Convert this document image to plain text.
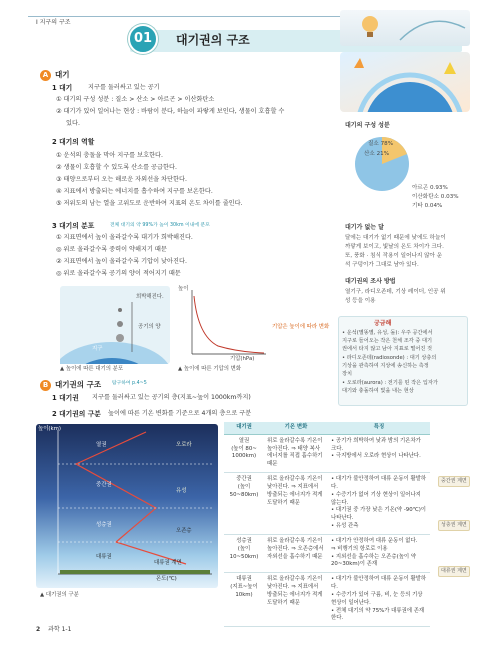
Ⅰ 지구의 구조
01	대기권의 구조
A 대기
1 대기	지구를 둘러싸고 있는 공기
① 대기의 구성 성분 : 질소 > 산소 > 아르곤 > 이산화탄소
② 대기가 있어 일어나는 현상 : 바람이 분다, 하늘이 파랗게 보인다, 생물이 호흡할 수
있다.
2 대기의 역할
① 운석의 충돌을 막아 지구를 보호한다.
② 생물이 호흡할 수 있도록 산소를 공급한다.
③ 태양으로부터 오는 해로운 자외선을 차단한다.
④ 지표에서 방출되는 에너지를 흡수하여 지구를 보온한다.
⑤ 저위도의 남는 열을 고위도로 운반하여 지표의 온도 차이를 줄인다.
3 대기의 분포	전체 대기의 약 99%가 높이 30km 이내에 분포
① 지표면에서 높이 올라갈수록 대기가 희박해진다.
◎ 위로 올라갈수록 중력이 약해지기 때문
② 지표면에서 높이 올라갈수록 기압이 낮아진다.
◎ 위로 올라갈수록 공기의 양이 적어지기 때문
희박해진다.
공기의 양
지구
▲ 높이에 따른 대기의 분포
높이
기압(hPa)
기압은 높이에 따라 변화
▲ 높이에 따른 기압의 변화
대기의 구성 성분
질소 78%
산소 21%
아르곤 0.93%
이산화탄소 0.03%
기타 0.04%
대기가 없는 달
달에는 대기가 없기 때문에 낮에도 하늘이
까맣게 보이고, 빛날의 온도 차이가 크다.
또, 풍화 · 침식 작용이 일어나지 않아 운
석 구덩이가 그대로 남아 있다.
대기권의 조사 방법
열기구, 라디오존데, 기상 레이더, 인공 위
성 등을 이용
궁금해
• 운석(별똥별, 유성, 돌): 우주 공간에서
지구로 들어오는 작은 천체 조각 중 대기
권에서 타지 않고 남아 지표로 떨어진 것
• 라디오존데(radiosonde) : 대기 상층의
기상을 관측하여 지상에 송신하는 측정
장치
• 오로라(aurora) : 전기를 띤 작은 입자가
대기와 충돌하여 빛을 내는 현상
B 대기권의 구조 탐구하여 p.4~5
1 대기권 지구를 둘러싸고 있는 공기의 층(지표~높이 1000km까지)
2 대기권의 구분 높이에 따른 기온 변화를 기준으로 4개의 층으로 구분
높이(km)
열권
중간권
성층권
대류권
오로라
유성
오존층
대류권 계면
온도(℃)
▲ 대기권의 구분
대기권	기온 변화	특징
열권
(높이 80~
1000km)	위로 올라갈수록 기온이 높아진다. ⇒ 태양 복사 에너지를 직접 흡수하기 때문	• 공기가 희박하여 낮과 밤의 기온차가 크다.
• 극지방에서 오로라 현상이 나타난다.
중간권
(높이
50~80km)	위로 올라갈수록 기온이 낮아진다. ⇒ 지표에서 방출되는 에너지가 적게 도달하기 때문	• 대기가 불안정하여 대류 운동이 활발하다.
• 수증기가 없어 기상 현상이 일어나지 않는다.
• 대기권 중 가장 낮은 기온(약 -90℃)이 나타난다.
• 유성 관측
성층권
(높이
10~50km)	위로 올라갈수록 기온이 높아진다. ⇒ 오존층에서 자외선을 흡수하기 때문	• 대기가 안정하여 대류 운동이 없다.
⇒ 비행기의 항로로 이용
• 지외선을 흡수하는 오존층(높이 약 20~30km)이 존재
대류권
(지표~높이
10km)	위로 올라갈수록 기온이 낮아진다. ⇒ 지표에서 방출되는 에너지가 적게 도달하기 때문	• 대기가 불안정하여 대류 운동이 활발하다.
• 수증기가 있어 구름, 비, 눈 등의 기상 현상이 일어난다.
• 전체 대기의 약 75%가 대류권에 존재한다.
중간권 계면
성층권 계면
대류권 계면
2 과학 1-1
